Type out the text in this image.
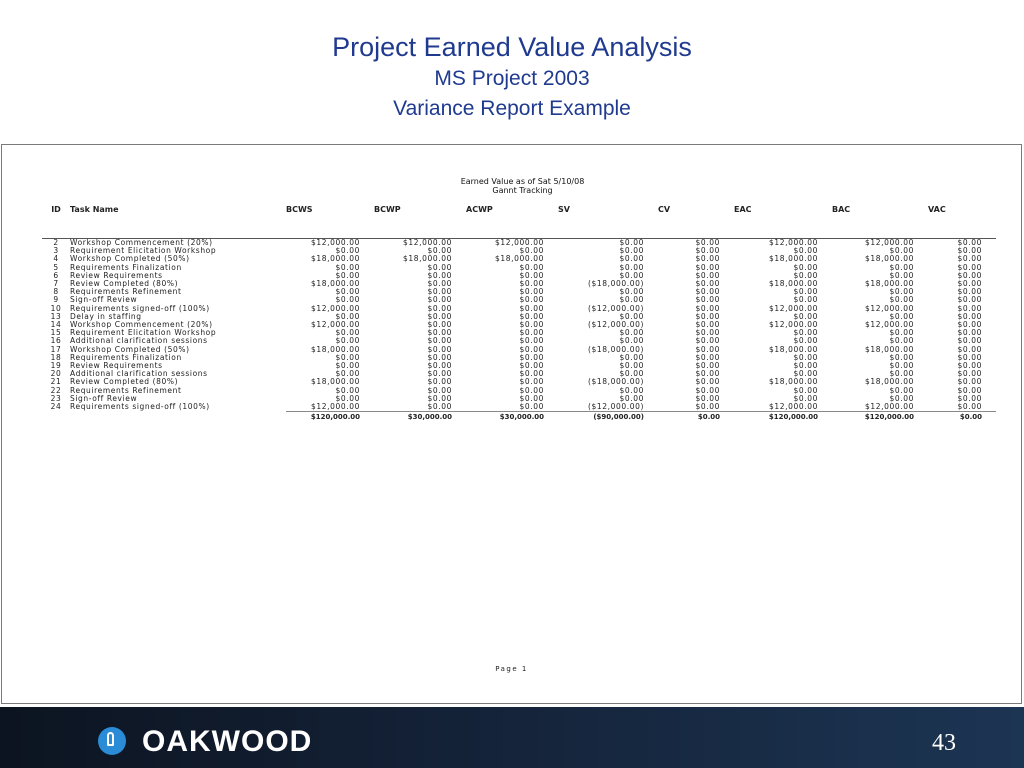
Project Earned Value Analysis
MS Project 2003
Variance Report Example
Earned Value as of Sat 5/10/08
Gannt Tracking
ID	Task Name	BCWS	BCWP	ACWP	SV	CV	EAC	BAC	VAC

2	Workshop Commencement (20%)	$12,000.00	$12,000.00	$12,000.00	$0.00	$0.00	$12,000.00	$12,000.00	$0.00
3	Requirement Elicitation Workshop	$0.00	$0.00	$0.00	$0.00	$0.00	$0.00	$0.00	$0.00
4	Workshop Completed (50%)	$18,000.00	$18,000.00	$18,000.00	$0.00	$0.00	$18,000.00	$18,000.00	$0.00
5	Requirements Finalization	$0.00	$0.00	$0.00	$0.00	$0.00	$0.00	$0.00	$0.00
6	Review Requirements	$0.00	$0.00	$0.00	$0.00	$0.00	$0.00	$0.00	$0.00
7	Review Completed (80%)	$18,000.00	$0.00	$0.00	($18,000.00)	$0.00	$18,000.00	$18,000.00	$0.00
8	Requirements Refinement	$0.00	$0.00	$0.00	$0.00	$0.00	$0.00	$0.00	$0.00
9	Sign-off Review	$0.00	$0.00	$0.00	$0.00	$0.00	$0.00	$0.00	$0.00
10	Requirements signed-off (100%)	$12,000.00	$0.00	$0.00	($12,000.00)	$0.00	$12,000.00	$12,000.00	$0.00
13	Delay in staffing	$0.00	$0.00	$0.00	$0.00	$0.00	$0.00	$0.00	$0.00
14	Workshop Commencement (20%)	$12,000.00	$0.00	$0.00	($12,000.00)	$0.00	$12,000.00	$12,000.00	$0.00
15	Requirement Elicitation Workshop	$0.00	$0.00	$0.00	$0.00	$0.00	$0.00	$0.00	$0.00
16	Additional clarification sessions	$0.00	$0.00	$0.00	$0.00	$0.00	$0.00	$0.00	$0.00
17	Workshop Completed (50%)	$18,000.00	$0.00	$0.00	($18,000.00)	$0.00	$18,000.00	$18,000.00	$0.00
18	Requirements Finalization	$0.00	$0.00	$0.00	$0.00	$0.00	$0.00	$0.00	$0.00
19	Review Requirements	$0.00	$0.00	$0.00	$0.00	$0.00	$0.00	$0.00	$0.00
20	Additional clarification sessions	$0.00	$0.00	$0.00	$0.00	$0.00	$0.00	$0.00	$0.00
21	Review Completed (80%)	$18,000.00	$0.00	$0.00	($18,000.00)	$0.00	$18,000.00	$18,000.00	$0.00
22	Requirements Refinement	$0.00	$0.00	$0.00	$0.00	$0.00	$0.00	$0.00	$0.00
23	Sign-off Review	$0.00	$0.00	$0.00	$0.00	$0.00	$0.00	$0.00	$0.00
24	Requirements signed-off (100%)	$12,000.00	$0.00	$0.00	($12,000.00)	$0.00	$12,000.00	$12,000.00	$0.00
		$120,000.00	$30,000.00	$30,000.00	($90,000.00)	$0.00	$120,000.00	$120,000.00	$0.00
Page 1
OAKWOOD	43
